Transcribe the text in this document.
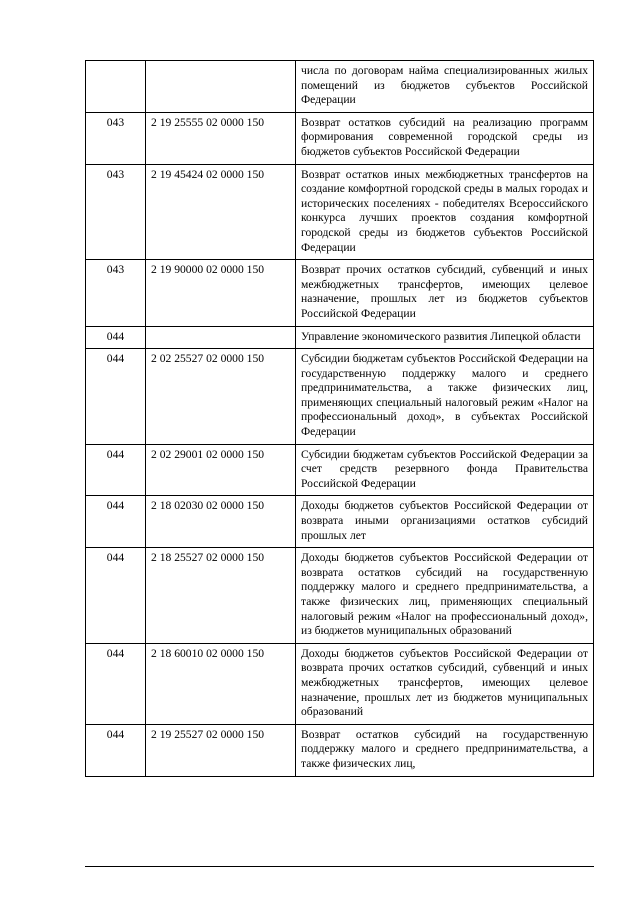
		числа по договорам найма специализированных жилых помещений из бюджетов субъектов Российской Федерации
043	2 19 25555 02 0000 150	Возврат остатков субсидий на реализацию программ формирования современной городской среды из бюджетов субъектов Российской Федерации
043	2 19 45424 02 0000 150	Возврат остатков иных межбюджетных трансфертов на создание комфортной городской среды в малых городах и исторических поселениях - победителях Всероссийского конкурса лучших проектов создания комфортной городской среды из бюджетов субъектов Российской Федерации
043	2 19 90000 02 0000 150	Возврат прочих остатков субсидий, субвенций и иных межбюджетных трансфертов, имеющих целевое назначение, прошлых лет из бюджетов субъектов Российской Федерации
044		Управление экономического развития Липецкой области
044	2 02 25527 02 0000 150	Субсидии бюджетам субъектов Российской Федерации на государственную поддержку малого и среднего предпринимательства, а также физических лиц, применяющих специальный налоговый режим «Налог на профессиональный доход», в субъектах Российской Федерации
044	2 02 29001 02 0000 150	Субсидии бюджетам субъектов Российской Федерации за счет средств резервного фонда Правительства Российской Федерации
044	2 18 02030 02 0000 150	Доходы бюджетов субъектов Российской Федерации от возврата иными организациями остатков субсидий прошлых лет
044	2 18 25527 02 0000 150	Доходы бюджетов субъектов Российской Федерации от возврата остатков субсидий на государственную поддержку малого и среднего предпринимательства, а также физических лиц, применяющих специальный налоговый режим «Налог на профессиональный доход», из бюджетов муниципальных образований
044	2 18 60010 02 0000 150	Доходы бюджетов субъектов Российской Федерации от возврата прочих остатков субсидий, субвенций и иных межбюджетных трансфертов, имеющих целевое назначение, прошлых лет из бюджетов муниципальных образований
044	2 19 25527 02 0000 150	Возврат остатков субсидий на государственную поддержку малого и среднего предпринимательства, а также физических лиц,
